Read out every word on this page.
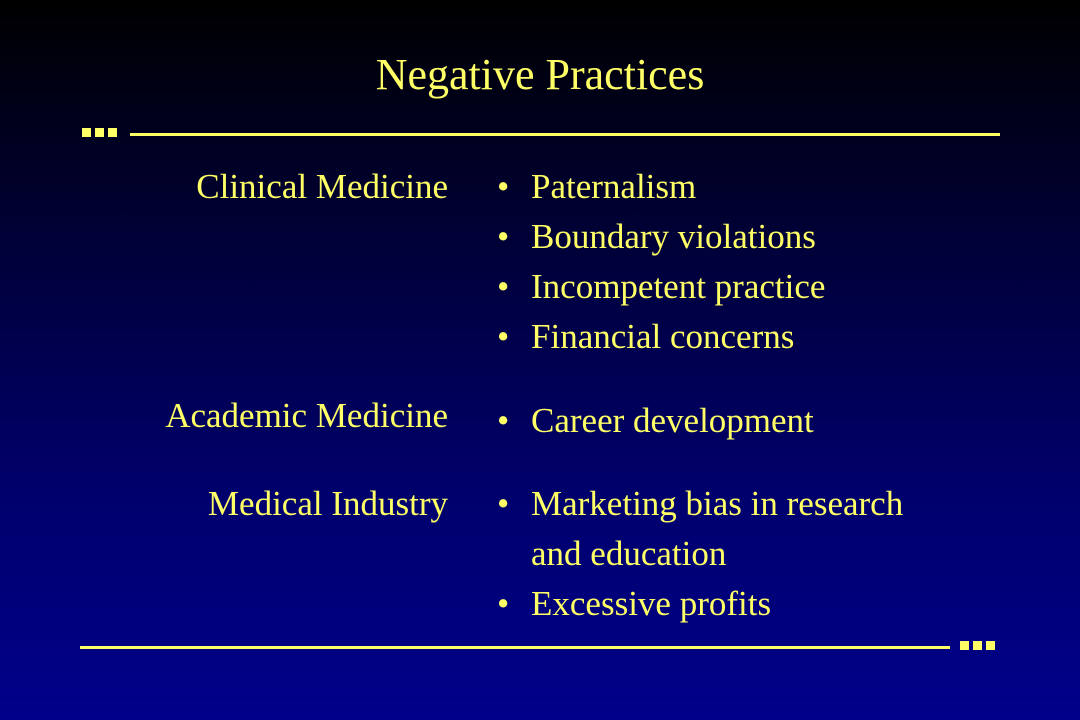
Negative Practices
Clinical Medicine • Paternalism
• Boundary violations
• Incompetent practice
• Financial concerns
Academic Medicine • Career development
Medical Industry • Marketing bias in research
and education
• Excessive profits
